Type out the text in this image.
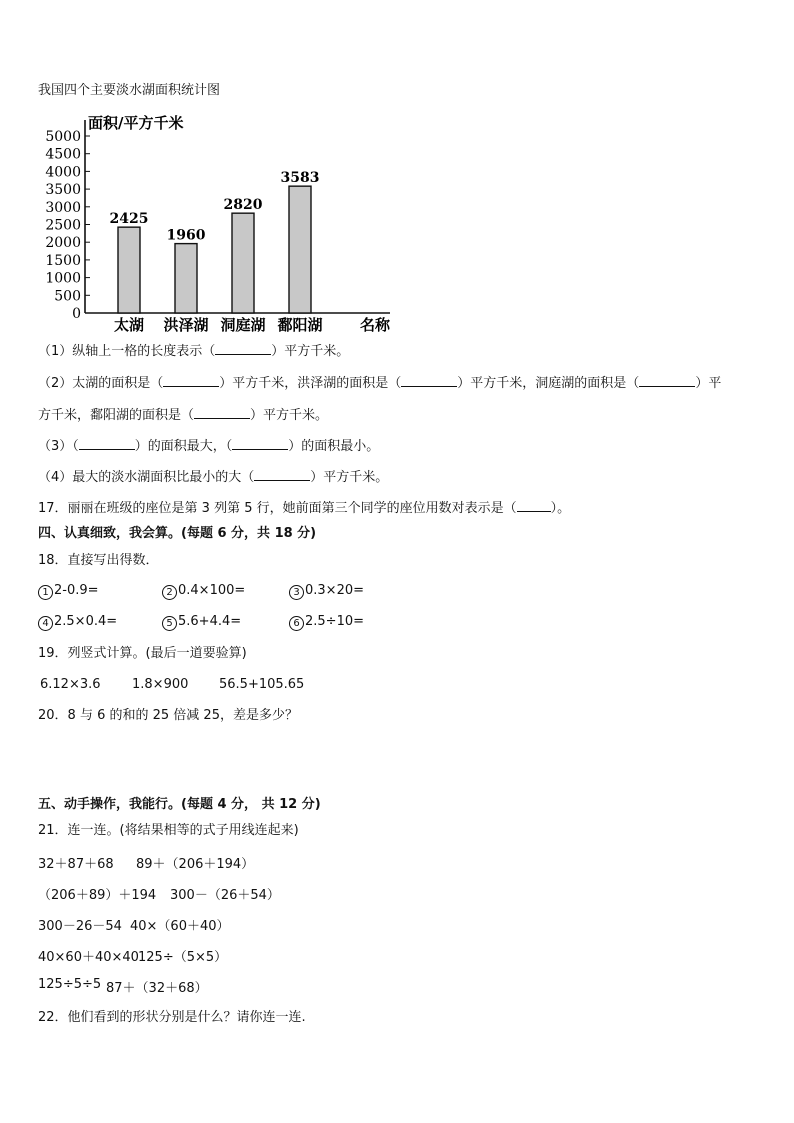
我国四个主要淡水湖面积统计图
0
500
1000
1500
2000
2500
3000
3500
4000
4500
5000
面积/平方千米
2425
太湖
1960
洪泽湖
2820
洞庭湖
3583
鄱阳湖 名称
（1）纵轴上一格的长度表示（	）平方千米。
（2）太湖的面积是（	）平方千米，洪泽湖的面积是（	）平方千米，洞庭湖的面积是（	）平
方千米，鄱阳湖的面积是（	）平方千米。
（3）（	）的面积最大，（	）的面积最小。
（4）最大的淡水湖面积比最小的大（	）平方千米。
17．丽丽在班级的座位是第 3 列第 5 行，她前面第三个同学的座位用数对表示是（	）。
四、认真细致，我会算。(每题 6 分，共 18 分)
18．直接写出得数．
1 2-0.9=	2 0.4×100=	3 0.3×20=
4 2.5×0.4=	5 5.6+4.4=	6 2.5÷10=
19．列竖式计算。(最后一道要验算)
6.12×3.6 1.8×900 56.5+105.65
20．8 与 6 的和的 25 倍减 25，差是多少？
五、动手操作，我能行。(每题 4 分， 共 12 分)
21．连一连。(将结果相等的式子用线连起来)
32＋87＋68 89＋（206＋194）
（206＋89）＋194 300－（26＋54）
300－26－54 40×（60＋40）
40×60＋40×40 125÷（5×5）
125÷5÷5 87＋（32＋68）
22．他们看到的形状分别是什么？请你连一连.
